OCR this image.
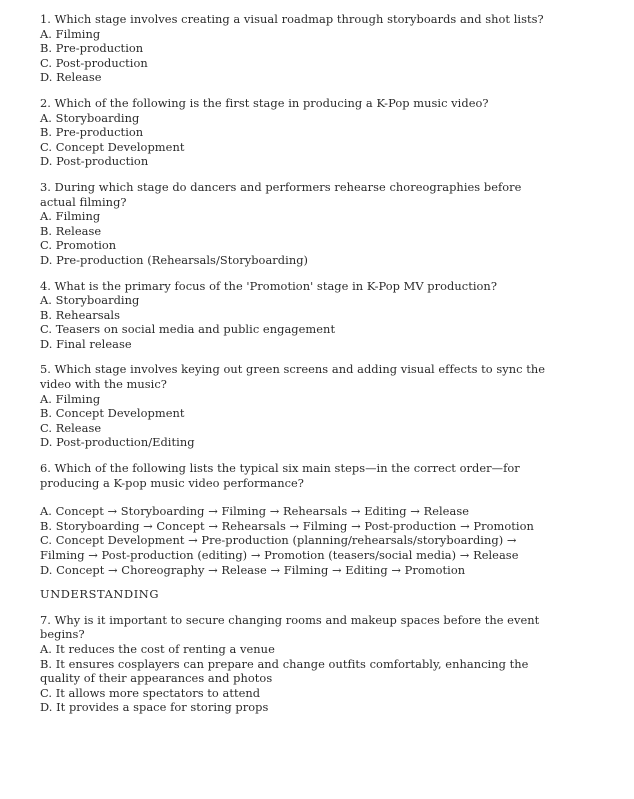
1. Which stage involves creating a visual roadmap through storyboards and shot lists?

A. Filming

B. Pre-production

C. Post-production

D. Release

2. Which of the following is the first stage in producing a K-Pop music video?

A. Storyboarding

B. Pre-production

C. Concept Development

D. Post-production

3. During which stage do dancers and performers rehearse choreographies before

actual filming?

A. Filming

B. Release

C. Promotion

D. Pre-production (Rehearsals/Storyboarding)

4. What is the primary focus of the 'Promotion' stage in K-Pop MV production?

A. Storyboarding

B. Rehearsals

C. Teasers on social media and public engagement

D. Final release

5. Which stage involves keying out green screens and adding visual effects to sync the

video with the music?

A. Filming

B. Concept Development

C. Release

D. Post-production/Editing

6. Which of the following lists the typical six main steps—in the correct order—for

producing a K-pop music video performance?

A. Concept → Storyboarding → Filming → Rehearsals → Editing → Release

B. Storyboarding → Concept → Rehearsals → Filming → Post-production → Promotion

C. Concept Development → Pre-production (planning/rehearsals/storyboarding) →

Filming → Post-production (editing) → Promotion (teasers/social media) → Release

D. Concept → Choreography → Release → Filming → Editing → Promotion

UNDERSTANDING

7. Why is it important to secure changing rooms and makeup spaces before the event

begins?

A. It reduces the cost of renting a venue

B. It ensures cosplayers can prepare and change outfits comfortably, enhancing the

quality of their appearances and photos

C. It allows more spectators to attend

D. It provides a space for storing props
